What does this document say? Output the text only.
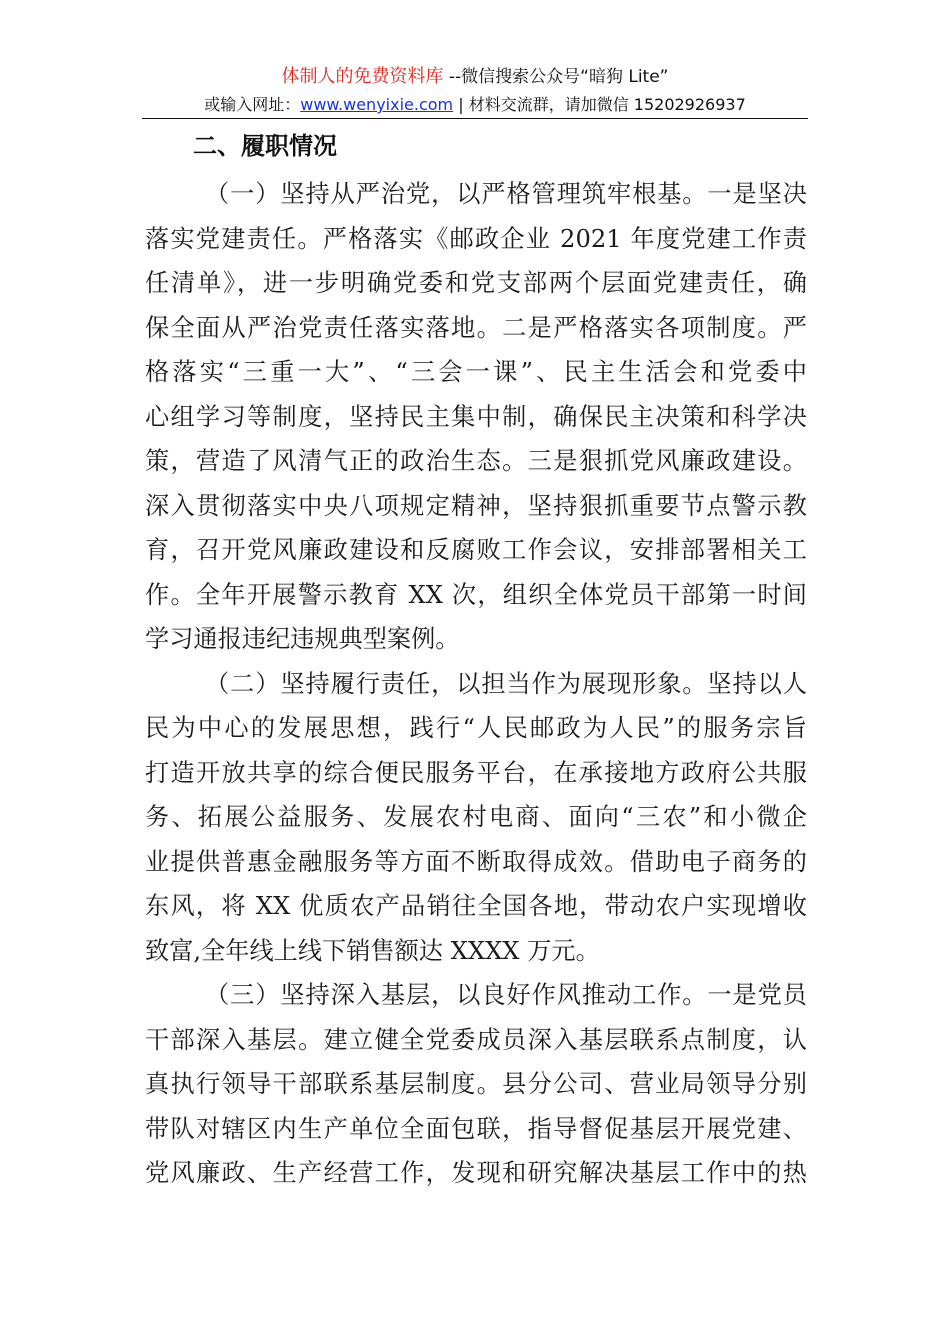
体制人的免费资料库 --微信搜索公众号“暗狗 Lite”
或输入网址：www.wenyixie.com | 材料交流群，请加微信 15202926937
二、履职情况
（一）坚持从严治党，以严格管理筑牢根基。一是坚决
落实党建责任。严格落实《邮政企业 2021 年度党建工作责
任清单》，进一步明确党委和党支部两个层面党建责任，确
保全面从严治党责任落实落地。二是严格落实各项制度。严
格落实“三重一大”、“三会一课”、民主生活会和党委中
心组学习等制度，坚持民主集中制，确保民主决策和科学决
策，营造了风清气正的政治生态。三是狠抓党风廉政建设。
深入贯彻落实中央八项规定精神，坚持狠抓重要节点警示教
育，召开党风廉政建设和反腐败工作会议，安排部署相关工
作。全年开展警示教育 XX 次，组织全体党员干部第一时间
学习通报违纪违规典型案例。
（二）坚持履行责任，以担当作为展现形象。坚持以人
民为中心的发展思想，践行“人民邮政为人民”的服务宗旨
打造开放共享的综合便民服务平台，在承接地方政府公共服
务、拓展公益服务、发展农村电商、面向“三农”和小微企
业提供普惠金融服务等方面不断取得成效。借助电子商务的
东风，将 XX 优质农产品销往全国各地，带动农户实现增收
致富,全年线上线下销售额达 XXXX 万元。
（三）坚持深入基层，以良好作风推动工作。一是党员
干部深入基层。建立健全党委成员深入基层联系点制度，认
真执行领导干部联系基层制度。县分公司、营业局领导分别
带队对辖区内生产单位全面包联，指导督促基层开展党建、
党风廉政、生产经营工作，发现和研究解决基层工作中的热
